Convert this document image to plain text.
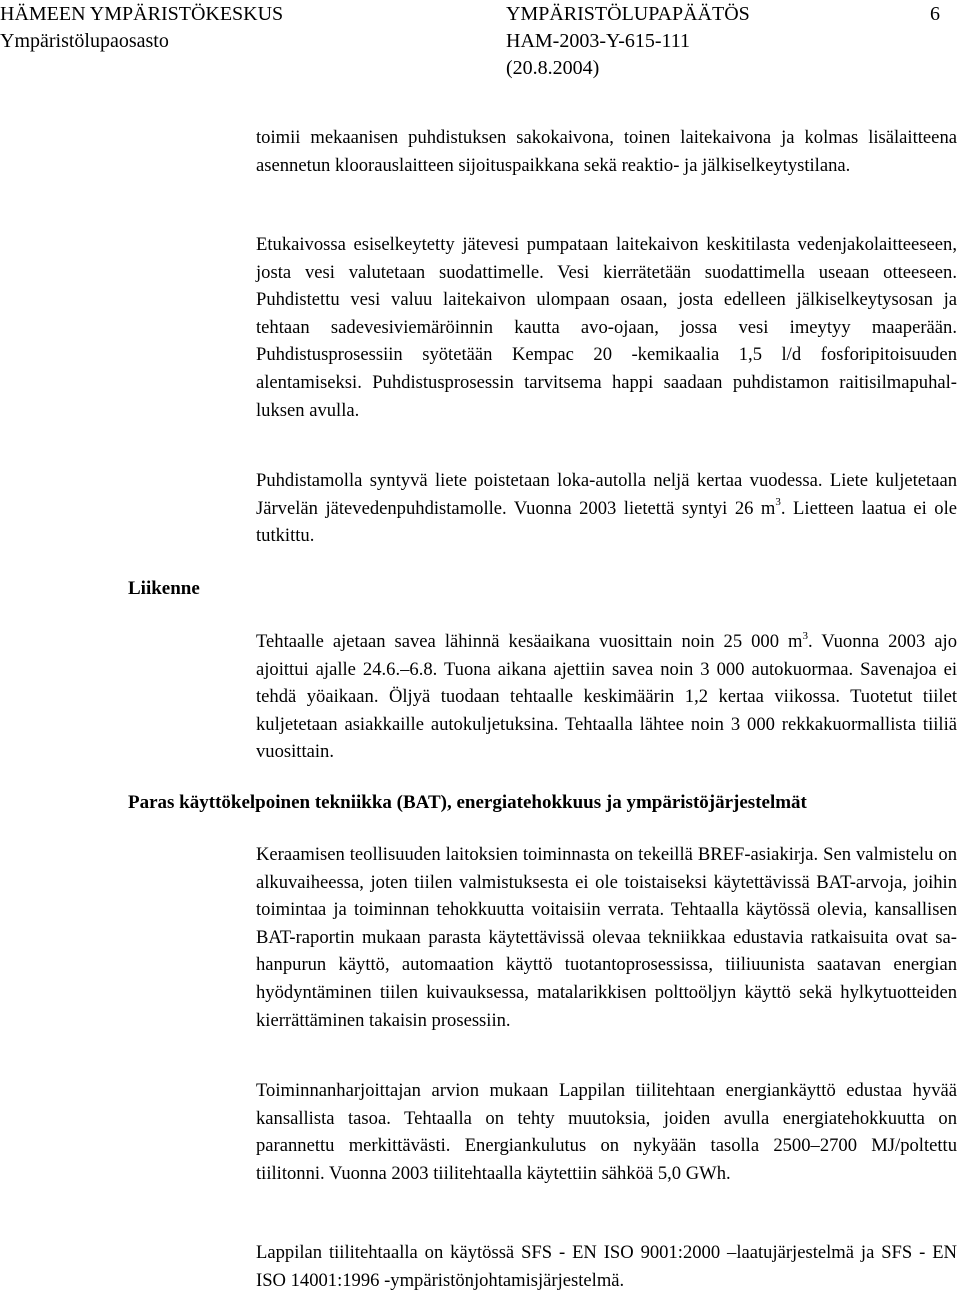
HÄMEEN YMPÄRISTÖKESKUS
Ympäristölupaosasto
YMPÄRISTÖLUPAPÄÄTÖS
HAM-2003-Y-615-111
(20.8.2004)
6

toimii mekaanisen puhdistuksen sakokaivona, toinen laitekaivona ja kolmas lisälaitteena asennetun kloorauslaitteen sijoituspaikkana sekä reaktio- ja jälkiselkeytystilana.

Etukaivossa esiselkeytetty jätevesi pumpataan laitekaivon keskitilasta vedenjakolaitteeseen, josta vesi valutetaan suodattimelle. Vesi kierrätetään suodattimella useaan otteeseen. Puhdistettu vesi valuu laitekaivon ulompaan osaan, josta edelleen jälkiselkeytysosan ja tehtaan sadevesiviemäröinnin kautta avo-ojaan, jossa vesi imeytyy maaperään. Puhdistusprosessiin syötetään Kempac 20 -kemikaalia 1,5 l/d fosforipitoisuuden alentamiseksi. Puhdistusprosessin tarvitsema happi saadaan puhdistamon raitisilmapuhalluksen avulla.

Puhdistamolla syntyvä liete poistetaan loka-autolla neljä kertaa vuodessa. Liete kuljetetaan Järvelän jätevedenpuhdistamolle. Vuonna 2003 lietettä syntyi 26 $m^3$. Lietteen laatua ei ole tutkittu.

Liikenne

Tehtaalle ajetaan savea lähinnä kesäaikana vuosittain noin 25 000 $m^3$. Vuonna 2003 ajo ajoittui ajalle 24.6.–6.8. Tuona aikana ajettiin savea noin 3 000 autokuormaa. Savenajoa ei tehdä yöaikaan. Öljyä tuodaan tehtaalle keskimäärin 1,2 kertaa viikossa. Tuotetut tiilet kuljetetaan asiakkaille autokuljetuksina. Tehtaalla lähtee noin 3 000 rekkakuormallista tiiliä vuosittain.

Paras käyttökelpoinen tekniikka (BAT), energiatehokkuus ja ympäristöjärjestelmät

Keraamisen teollisuuden laitoksien toiminnasta on tekeillä BREF-asiakirja. Sen valmistelu on alkuvaiheessa, joten tiilen valmistuksesta ei ole toistaiseksi käytettävissä BAT-arvoja, joihin toimintaa ja toiminnan tehokkuutta voitaisiin verrata. Tehtaalla käytössä olevia, kansallisen BAT-raportin mukaan parasta käytettävissä olevaa tekniikkaa edustavia ratkaisuita ovat sahanpurun käyttö, automaation käyttö tuotantoprosessissa, tiiliuunista saatavan energian hyödyntäminen tiilen kuivauksessa, matalarikkisen polttoöljyn käyttö sekä hylkytuotteiden kierrättäminen takaisin prosessiin.

Toiminnanharjoittajan arvion mukaan Lappilan tiilitehtaan energiankäyttö edustaa hyvää kansallista tasoa. Tehtaalla on tehty muutoksia, joiden avulla energiatehokkuutta on parannettu merkittävästi. Energiankulutus on nykyään tasolla 2500–2700 MJ/poltettu tiilitonni. Vuonna 2003 tiilitehtaalla käytettiin sähköä 5,0 GWh.

Lappilan tiilitehtaalla on käytössä SFS - EN ISO 9001:2000 –laatujärjestelmä ja SFS - EN ISO 14001:1996 -ympäristönjohtamisjärjestelmä.
